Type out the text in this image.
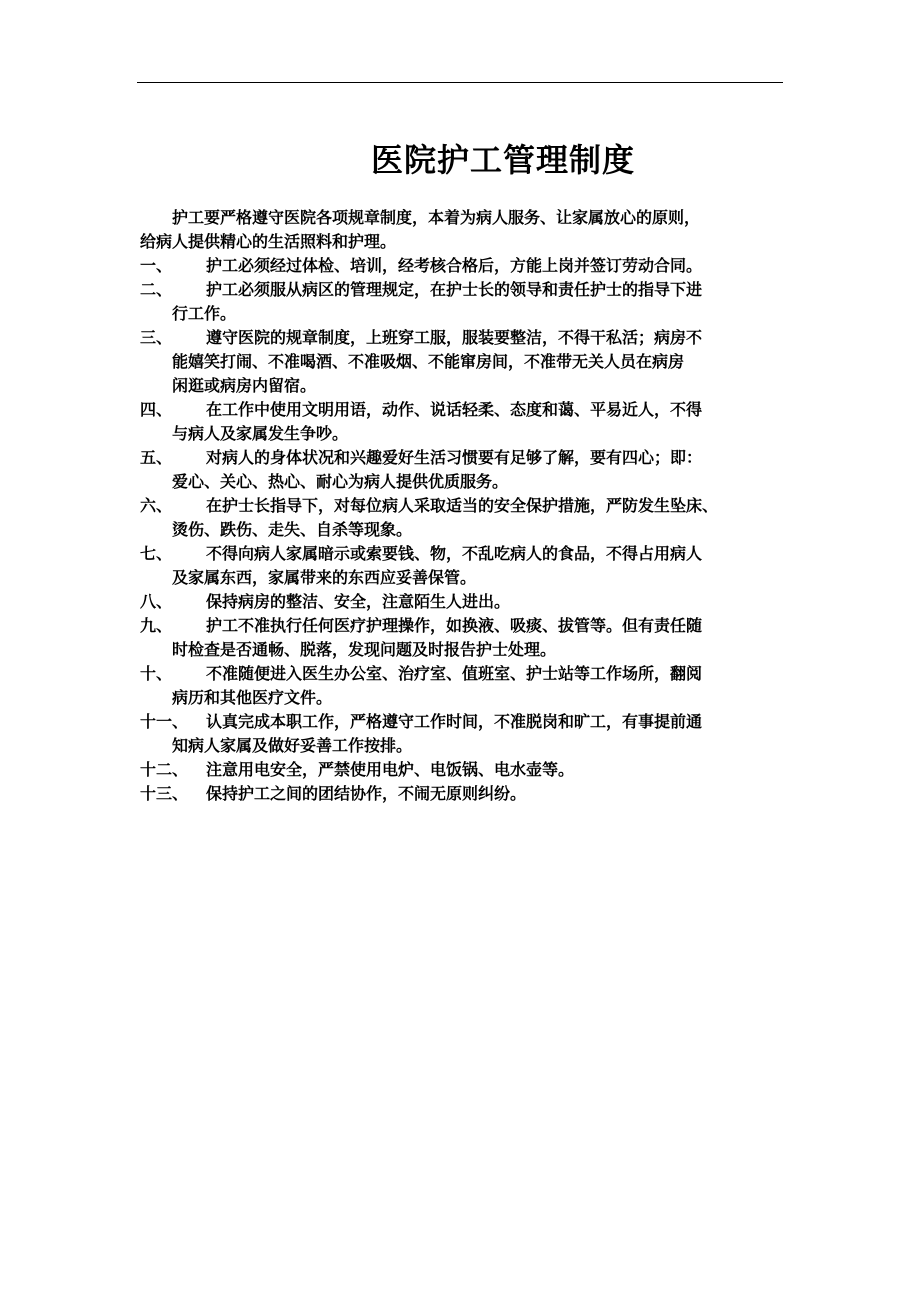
医院护工管理制度
护工要严格遵守医院各项规章制度，本着为病人服务、让家属放心的原则，
给病人提供精心的生活照料和护理。
一、 护工必须经过体检、培训，经考核合格后，方能上岗并签订劳动合同。
二、 护工必须服从病区的管理规定，在护士长的领导和责任护士的指导下进
行工作。
三、 遵守医院的规章制度，上班穿工服，服装要整洁，不得干私活；病房不
能嬉笑打闹、不准喝酒、不准吸烟、不能窜房间，不准带无关人员在病房
闲逛或病房内留宿。
四、 在工作中使用文明用语，动作、说话轻柔、态度和蔼、平易近人，不得
与病人及家属发生争吵。
五、 对病人的身体状况和兴趣爱好生活习惯要有足够了解，要有四心；即：
爱心、关心、热心、耐心为病人提供优质服务。
六、 在护士长指导下，对每位病人采取适当的安全保护措施，严防发生坠床、
烫伤、跌伤、走失、自杀等现象。
七、 不得向病人家属暗示或索要钱、物，不乱吃病人的食品，不得占用病人
及家属东西，家属带来的东西应妥善保管。
八、 保持病房的整洁、安全，注意陌生人进出。
九、 护工不准执行任何医疗护理操作，如换液、吸痰、拔管等。但有责任随
时检查是否通畅、脱落，发现问题及时报告护士处理。
十、 不准随便进入医生办公室、治疗室、值班室、护士站等工作场所，翻阅
病历和其他医疗文件。
十一、 认真完成本职工作，严格遵守工作时间，不准脱岗和旷工，有事提前通
知病人家属及做好妥善工作按排。
十二、 注意用电安全，严禁使用电炉、电饭锅、电水壶等。
十三、 保持护工之间的团结协作，不闹无原则纠纷。
